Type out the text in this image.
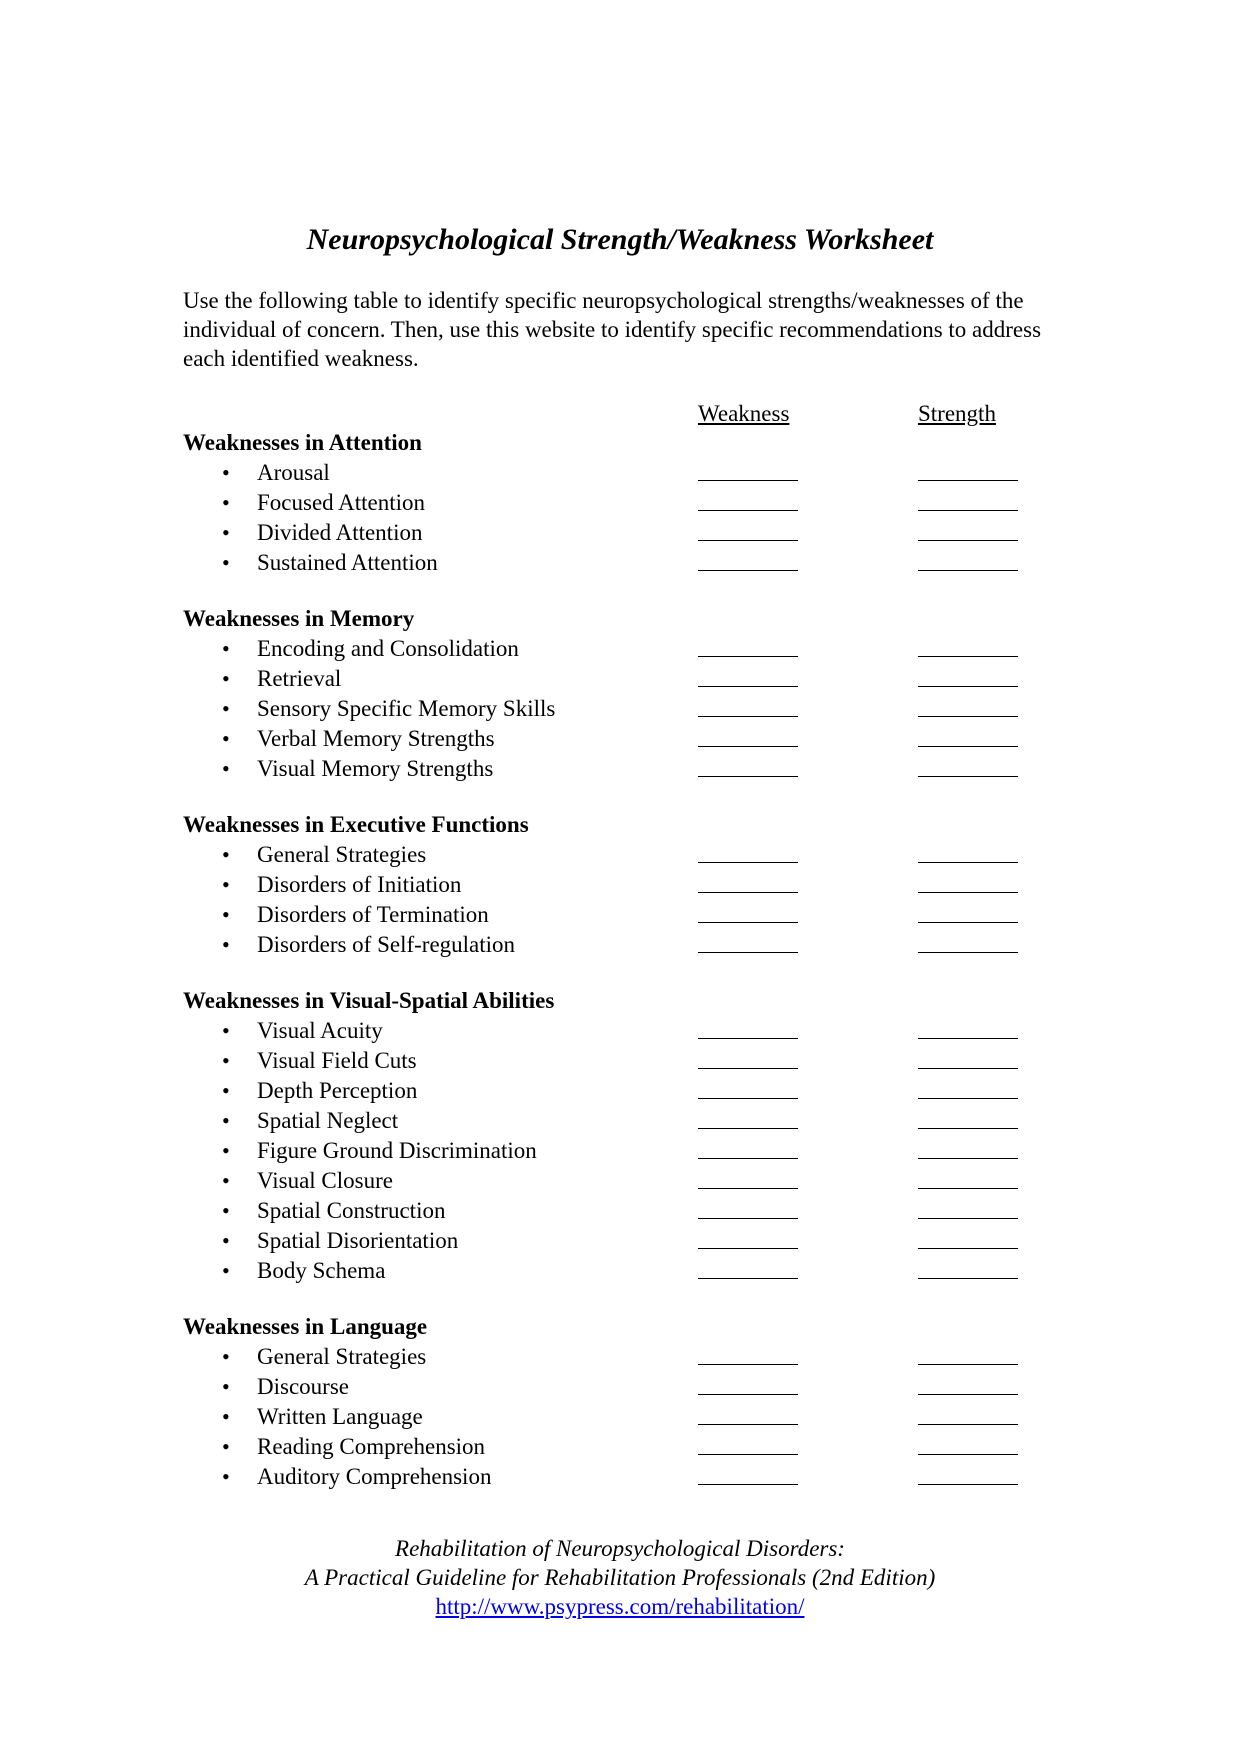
Neuropsychological Strength/Weakness Worksheet
Use the following table to identify specific neuropsychological strengths/weaknesses of the individual of concern. Then, use this website to identify specific recommendations to address each identified weakness.
Weakness	Strength
Weaknesses in Attention
• Arousal
• Focused Attention
• Divided Attention
• Sustained Attention
Weaknesses in Memory
• Encoding and Consolidation
• Retrieval
• Sensory Specific Memory Skills
• Verbal Memory Strengths
• Visual Memory Strengths
Weaknesses in Executive Functions
• General Strategies
• Disorders of Initiation
• Disorders of Termination
• Disorders of Self-regulation
Weaknesses in Visual-Spatial Abilities
• Visual Acuity
• Visual Field Cuts
• Depth Perception
• Spatial Neglect
• Figure Ground Discrimination
• Visual Closure
• Spatial Construction
• Spatial Disorientation
• Body Schema
Weaknesses in Language
• General Strategies
• Discourse
• Written Language
• Reading Comprehension
• Auditory Comprehension
Rehabilitation of Neuropsychological Disorders:
A Practical Guideline for Rehabilitation Professionals (2nd Edition)
http://www.psypress.com/rehabilitation/
